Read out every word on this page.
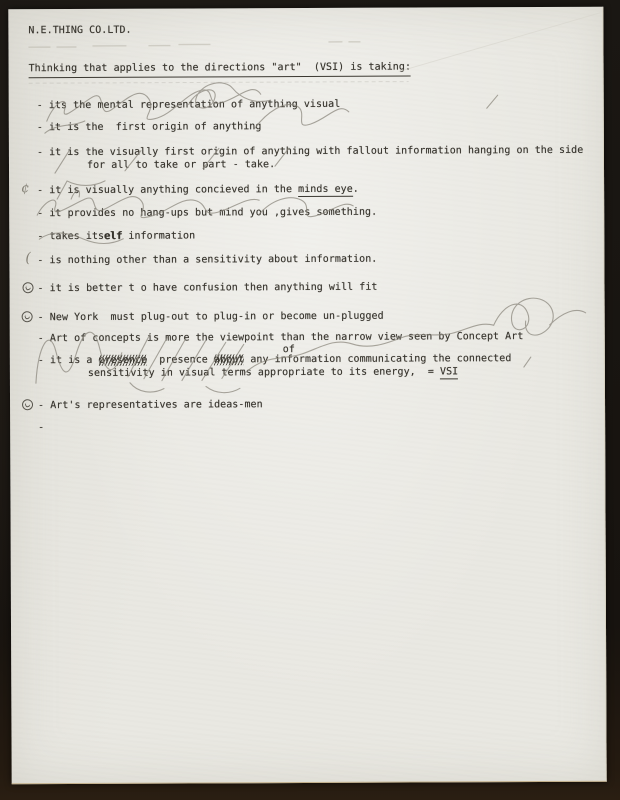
N.E.THING CO.LTD.
Thinking that applies to the directions "art"  (VSI) is taking:
- its the mental representation of anything visual
- it is the  first origin of anything
- it is the visually first origin of anything with fallout information hanging on the side
for all to take or part - take.
¢ - it is visually anything concieved in the minds eye.
- it provides no hang-ups but mind you ,gives something.
- takes itself information
( - is nothing other than a sensitivity about information.
- it is better t o have confusion then anything will fit
- New York  must plug-out to plug-in or become un-plugged
- Art of concepts is more the viewpoint than the narrow view seen by Concept Art
of
- it is a presence  presence about any information communicating the connected
sensitivity in visual terms appropriate to its energy,  = VSI
- Art's representatives are ideas-men
-
